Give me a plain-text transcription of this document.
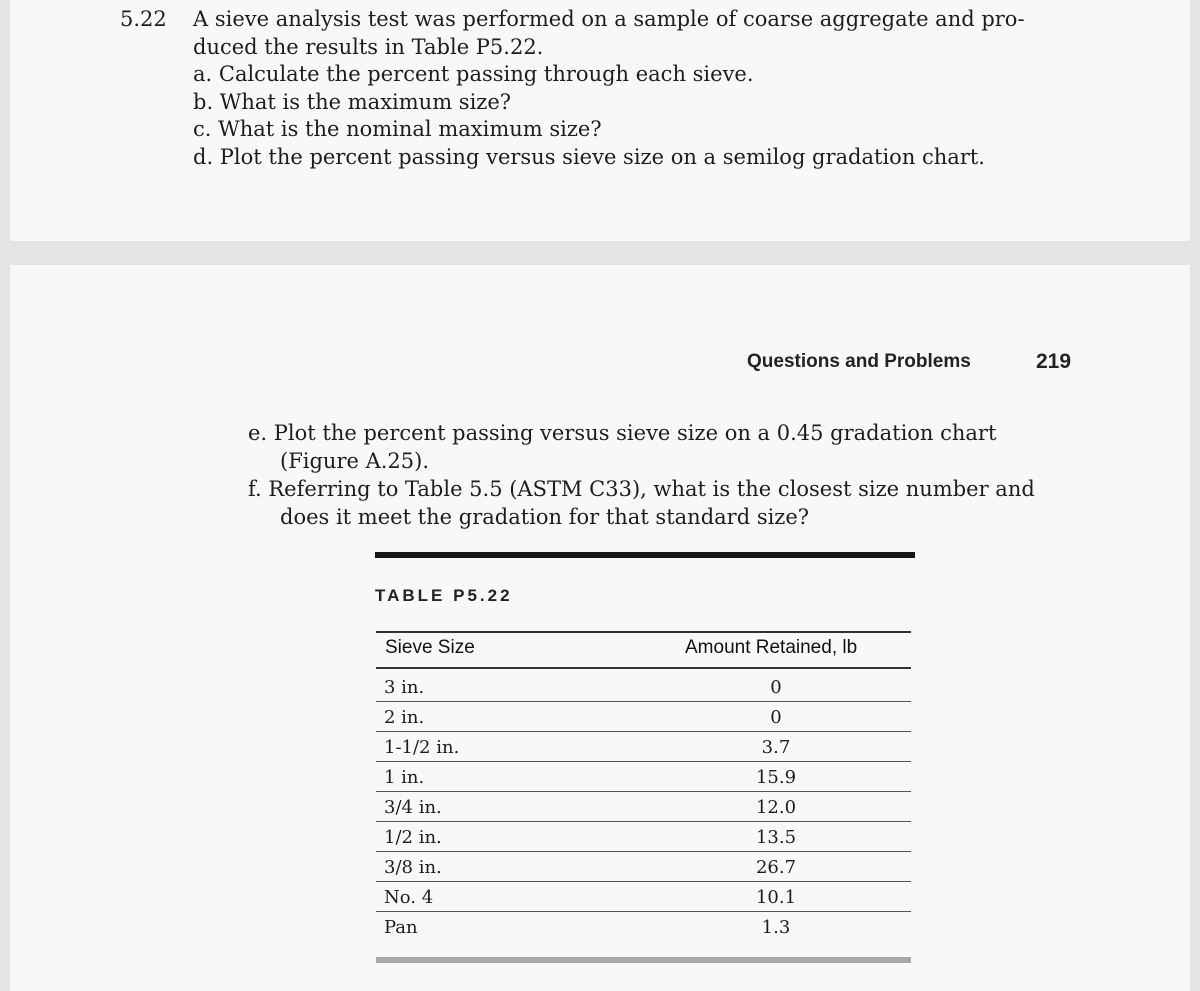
5.22 A sieve analysis test was performed on a sample of coarse aggregate and pro-
duced the results in Table P5.22.
a. Calculate the percent passing through each sieve.
b. What is the maximum size?
c. What is the nominal maximum size?
d. Plot the percent passing versus sieve size on a semilog gradation chart.
Questions and Problems	219
e. Plot the percent passing versus sieve size on a 0.45 gradation chart
(Figure A.25).
f. Referring to Table 5.5 (ASTM C33), what is the closest size number and
does it meet the gradation for that standard size?
TABLE P5.22
Sieve Size	Amount Retained, lb
3 in.	0
2 in.	0
1-1/2 in.	3.7
1 in.	15.9
3/4 in.	12.0
1/2 in.	13.5
3/8 in.	26.7
No. 4	10.1
Pan	1.3
